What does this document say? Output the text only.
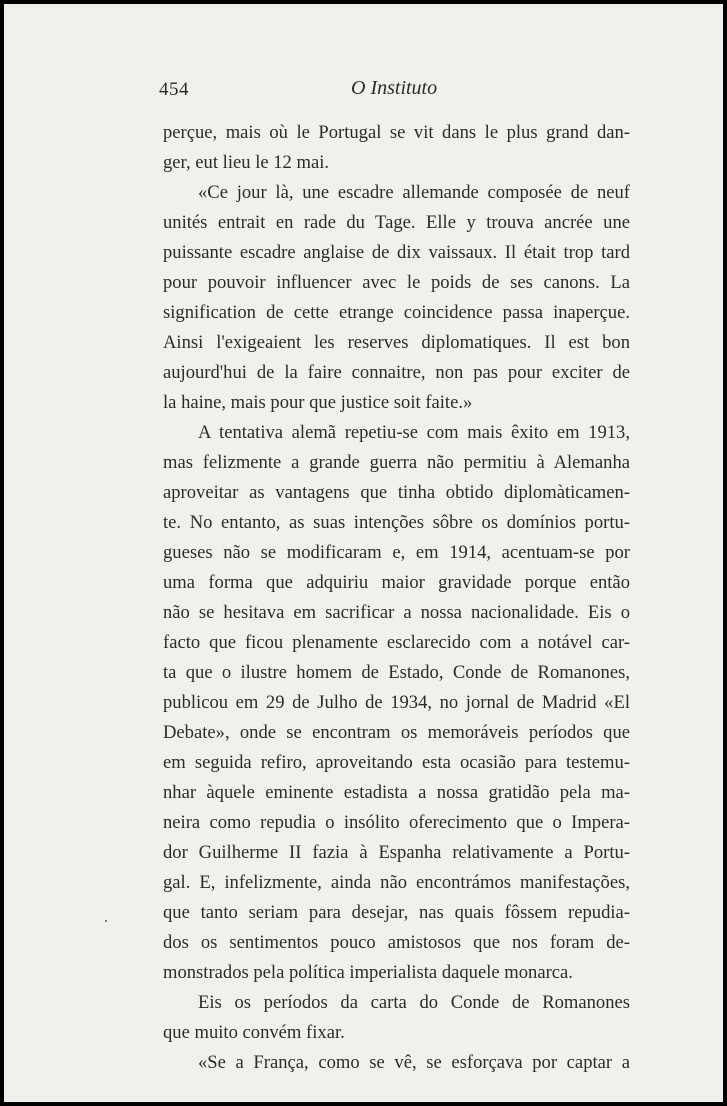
454	O Instituto
perçue, mais où le Portugal se vit dans le plus grand dan-
ger, eut lieu le 12 mai.
«Ce jour là, une escadre allemande composée de neuf
unités entrait en rade du Tage. Elle y trouva ancrée une
puissante escadre anglaise de dix vaissaux. Il était trop tard
pour pouvoir influencer avec le poids de ses canons. La
signification de cette etrange coincidence passa inaperçue.
Ainsi l'exigeaient les reserves diplomatiques. Il est bon
aujourd'hui de la faire connaitre, non pas pour exciter de
la haine, mais pour que justice soit faite.»
A tentativa alemã repetiu-se com mais êxito em 1913,
mas felizmente a grande guerra não permitiu à Alemanha
aproveitar as vantagens que tinha obtido diplomàticamen-
te. No entanto, as suas intenções sôbre os domínios portu-
gueses não se modificaram e, em 1914, acentuam-se por
uma forma que adquiriu maior gravidade porque então
não se hesitava em sacrificar a nossa nacionalidade. Eis o
facto que ficou plenamente esclarecido com a notável car-
ta que o ilustre homem de Estado, Conde de Romanones,
publicou em 29 de Julho de 1934, no jornal de Madrid «El
Debate», onde se encontram os memoráveis períodos que
em seguida refiro, aproveitando esta ocasião para testemu-
nhar àquele eminente estadista a nossa gratidão pela ma-
neira como repudia o insólito oferecimento que o Impera-
dor Guilherme II fazia à Espanha relativamente a Portu-
gal. E, infelizmente, ainda não encontrámos manifestações,
que tanto seriam para desejar, nas quais fôssem repudia-
dos os sentimentos pouco amistosos que nos foram de-
monstrados pela política imperialista daquele monarca.
Eis os períodos da carta do Conde de Romanones
que muito convém fixar.
«Se a França, como se vê, se esforçava por captar a
